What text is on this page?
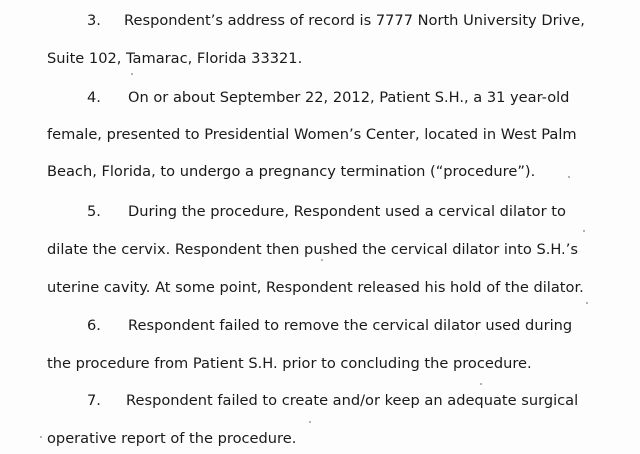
3. Respondent’s address of record is 7777 North University Drive,
Suite 102, Tamarac, Florida 33321.
4. On or about September 22, 2012, Patient S.H., a 31 year-old
female, presented to Presidential Women’s Center, located in West Palm
Beach, Florida, to undergo a pregnancy termination (“procedure”).
5. During the procedure, Respondent used a cervical dilator to
dilate the cervix. Respondent then pushed the cervical dilator into S.H.’s
uterine cavity. At some point, Respondent released his hold of the dilator.
6. Respondent failed to remove the cervical dilator used during
the procedure from Patient S.H. prior to concluding the procedure.
7. Respondent failed to create and/or keep an adequate surgical
operative report of the procedure.
